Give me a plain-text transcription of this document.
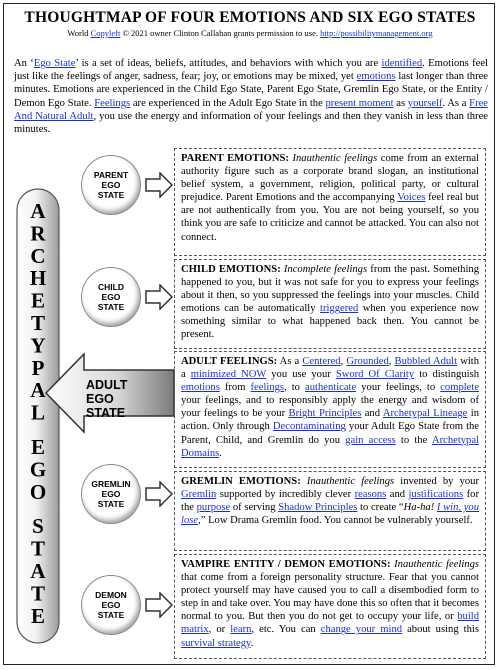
THOUGHTMAP OF FOUR EMOTIONS AND SIX EGO STATES
World Copyleft © 2021 owner Clinton Callahan grants permission to use. http://possibilitymanagement.org
An ‘Ego State’ is a set of ideas, beliefs, attitudes, and behaviors with which you are identified. Emotions feel just like the feelings of anger, sadness, fear; joy, or emotions may be mixed, yet emotions last longer than three minutes. Emotions are experienced in the Child Ego State, Parent Ego State, Gremlin Ego State, or the Entity / Demon Ego State. Feelings are experienced in the Adult Ego State in the present moment as yourself. As a Free And Natural Adult, you use the energy and information of your feelings and then they vanish in less than three minutes.
A
R
C
H
E
T
Y
P
A
L
E
G
O
S
T
A
T
E
PARENT
EGO
STATE
CHILD
EGO
STATE
GREMLIN
EGO
STATE
DEMON
EGO
STATE
ADULT
EGO
STATE
PARENT EMOTIONS: Inauthentic feelings come from an external authority figure such as a corporate brand slogan, an institutional belief system, a government, religion, political party, or cultural prejudice. Parent Emotions and the accompanying Voices feel real but are not authentically from you. You are not being yourself, so you think you are safe to criticize and cannot be attacked. You can also not connect.
CHILD EMOTIONS: Incomplete feelings from the past. Something happened to you, but it was not safe for you to express your feelings about it then, so you suppressed the feelings into your muscles. Child emotions can be automatically triggered when you experience now something similar to what happened back then. You cannot be present.
ADULT FEELINGS: As a Centered, Grounded, Bubbled Adult with a minimized NOW you use your Sword Of Clarity to distinguish emotions from feelings, to authenticate your feelings, to complete your feelings, and to responsibly apply the energy and wisdom of your feelings to be your Bright Principles and Archetypal Lineage in action. Only through Decontaminating your Adult Ego State from the Parent, Child, and Gremlin do you gain access to the Archetypal Domains.
GREMLIN EMOTIONS: Inauthentic feelings invented by your Gremlin supported by incredibly clever reasons and justifications for the purpose of serving Shadow Principles to create “Ha-ha! I win, you lose,” Low Drama Gremlin food. You cannot be vulnerably yourself.
VAMPIRE ENTITY / DEMON EMOTIONS: Inauthentic feelings that come from a foreign personality structure. Fear that you cannot protect yourself may have caused you to call a disembodied form to step in and take over. You may have done this so often that it becomes normal to you. But then you do not get to occupy your life, or build matrix, or learn, etc. You can change your mind about using this survival strategy.
